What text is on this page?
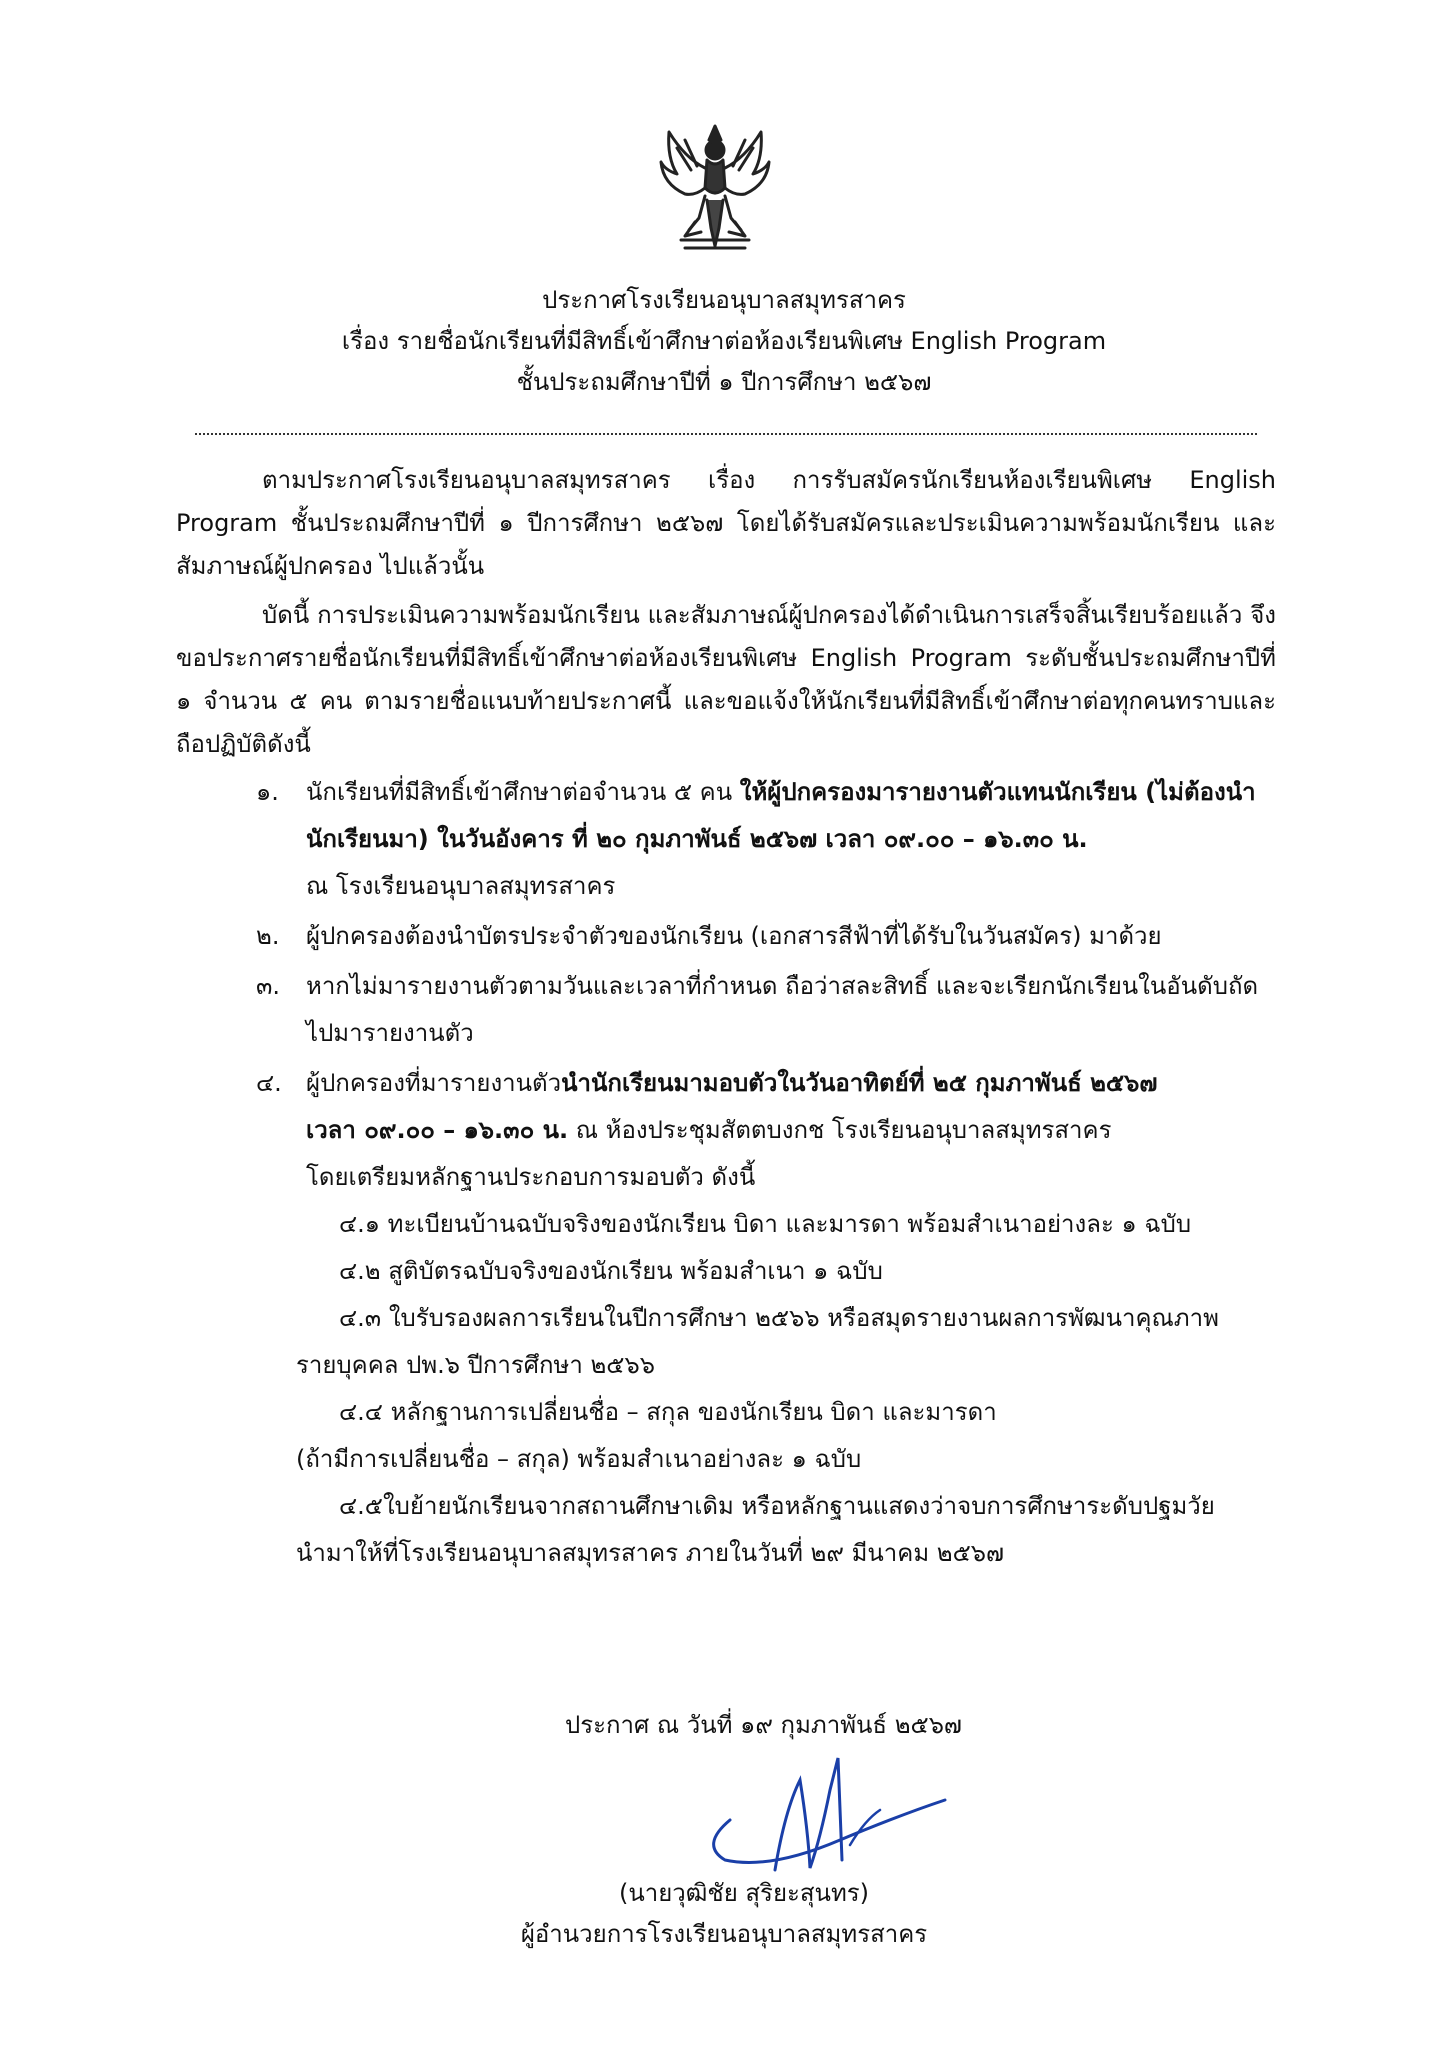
ประกาศโรงเรียนอนุบาลสมุทรสาคร
เรื่อง รายชื่อนักเรียนที่มีสิทธิ์เข้าศึกษาต่อห้องเรียนพิเศษ English Program
ชั้นประถมศึกษาปีที่ ๑ ปีการศึกษา ๒๕๖๗
ตามประกาศโรงเรียนอนุบาลสมุทรสาคร เรื่อง การรับสมัครนักเรียนห้องเรียนพิเศษ English Program ชั้นประถมศึกษาปีที่ ๑ ปีการศึกษา ๒๕๖๗ โดยได้รับสมัครและประเมินความพร้อมนักเรียน และสัมภาษณ์ผู้ปกครอง ไปแล้วนั้น
บัดนี้ การประเมินความพร้อมนักเรียน และสัมภาษณ์ผู้ปกครองได้ดำเนินการเสร็จสิ้นเรียบร้อยแล้ว จึงขอประกาศรายชื่อนักเรียนที่มีสิทธิ์เข้าศึกษาต่อห้องเรียนพิเศษ English Program ระดับชั้นประถมศึกษาปีที่ ๑ จำนวน ๕ คน ตามรายชื่อแนบท้ายประกาศนี้ และขอแจ้งให้นักเรียนที่มีสิทธิ์เข้าศึกษาต่อทุกคนทราบและถือปฏิบัติดังนี้
๑.	นักเรียนที่มีสิทธิ์เข้าศึกษาต่อจำนวน ๕ คน ให้ผู้ปกครองมารายงานตัวแทนนักเรียน (ไม่ต้องนำนักเรียนมา) ในวันอังคาร ที่ ๒๐ กุมภาพันธ์ ๒๕๖๗ เวลา ๐๙.๐๐ – ๑๖.๓๐ น.
ณ โรงเรียนอนุบาลสมุทรสาคร
๒.	ผู้ปกครองต้องนำบัตรประจำตัวของนักเรียน (เอกสารสีฟ้าที่ได้รับในวันสมัคร) มาด้วย
๓.	หากไม่มารายงานตัวตามวันและเวลาที่กำหนด ถือว่าสละสิทธิ์ และจะเรียกนักเรียนในอันดับถัดไปมารายงานตัว
๔.	ผู้ปกครองที่มารายงานตัวนำนักเรียนมามอบตัวในวันอาทิตย์ที่ ๒๕ กุมภาพันธ์ ๒๕๖๗
เวลา ๐๙.๐๐ – ๑๖.๓๐ น. ณ ห้องประชุมสัตตบงกช โรงเรียนอนุบาลสมุทรสาคร
โดยเตรียมหลักฐานประกอบการมอบตัว ดังนี้
๔.๑ ทะเบียนบ้านฉบับจริงของนักเรียน บิดา และมารดา พร้อมสำเนาอย่างละ ๑ ฉบับ
๔.๒ สูติบัตรฉบับจริงของนักเรียน พร้อมสำเนา ๑ ฉบับ
๔.๓ ใบรับรองผลการเรียนในปีการศึกษา ๒๕๖๖ หรือสมุดรายงานผลการพัฒนาคุณภาพ
รายบุคคล ปพ.๖ ปีการศึกษา ๒๕๖๖
๔.๔ หลักฐานการเปลี่ยนชื่อ – สกุล ของนักเรียน บิดา และมารดา
(ถ้ามีการเปลี่ยนชื่อ – สกุล) พร้อมสำเนาอย่างละ ๑ ฉบับ
๔.๕ใบย้ายนักเรียนจากสถานศึกษาเดิม หรือหลักฐานแสดงว่าจบการศึกษาระดับปฐมวัย
นำมาให้ที่โรงเรียนอนุบาลสมุทรสาคร ภายในวันที่ ๒๙ มีนาคม ๒๕๖๗
ประกาศ ณ วันที่ ๑๙ กุมภาพันธ์ ๒๕๖๗
(นายวุฒิชัย สุริยะสุนทร)
ผู้อำนวยการโรงเรียนอนุบาลสมุทรสาคร
